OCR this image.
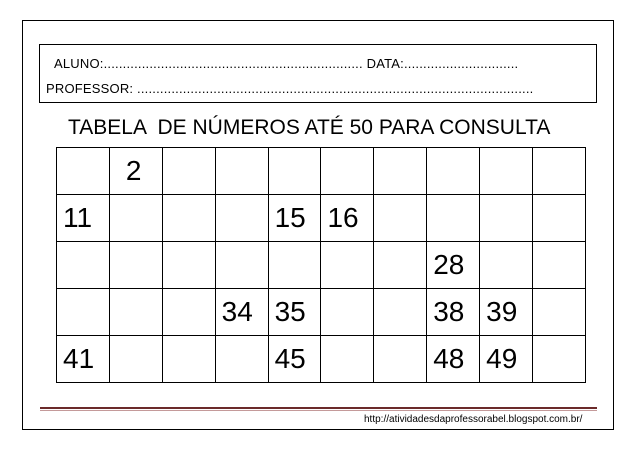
ALUNO:.................................................................... DATA:..............................
PROFESSOR: ........................................................................................................
TABELA  DE NÚMEROS ATÉ 50 PARA CONSULTA
	2								
11				15	16				
							28		
			34	35			38	39	
41				45			48	49	
http://atividadesdaprofessorabel.blogspot.com.br/
